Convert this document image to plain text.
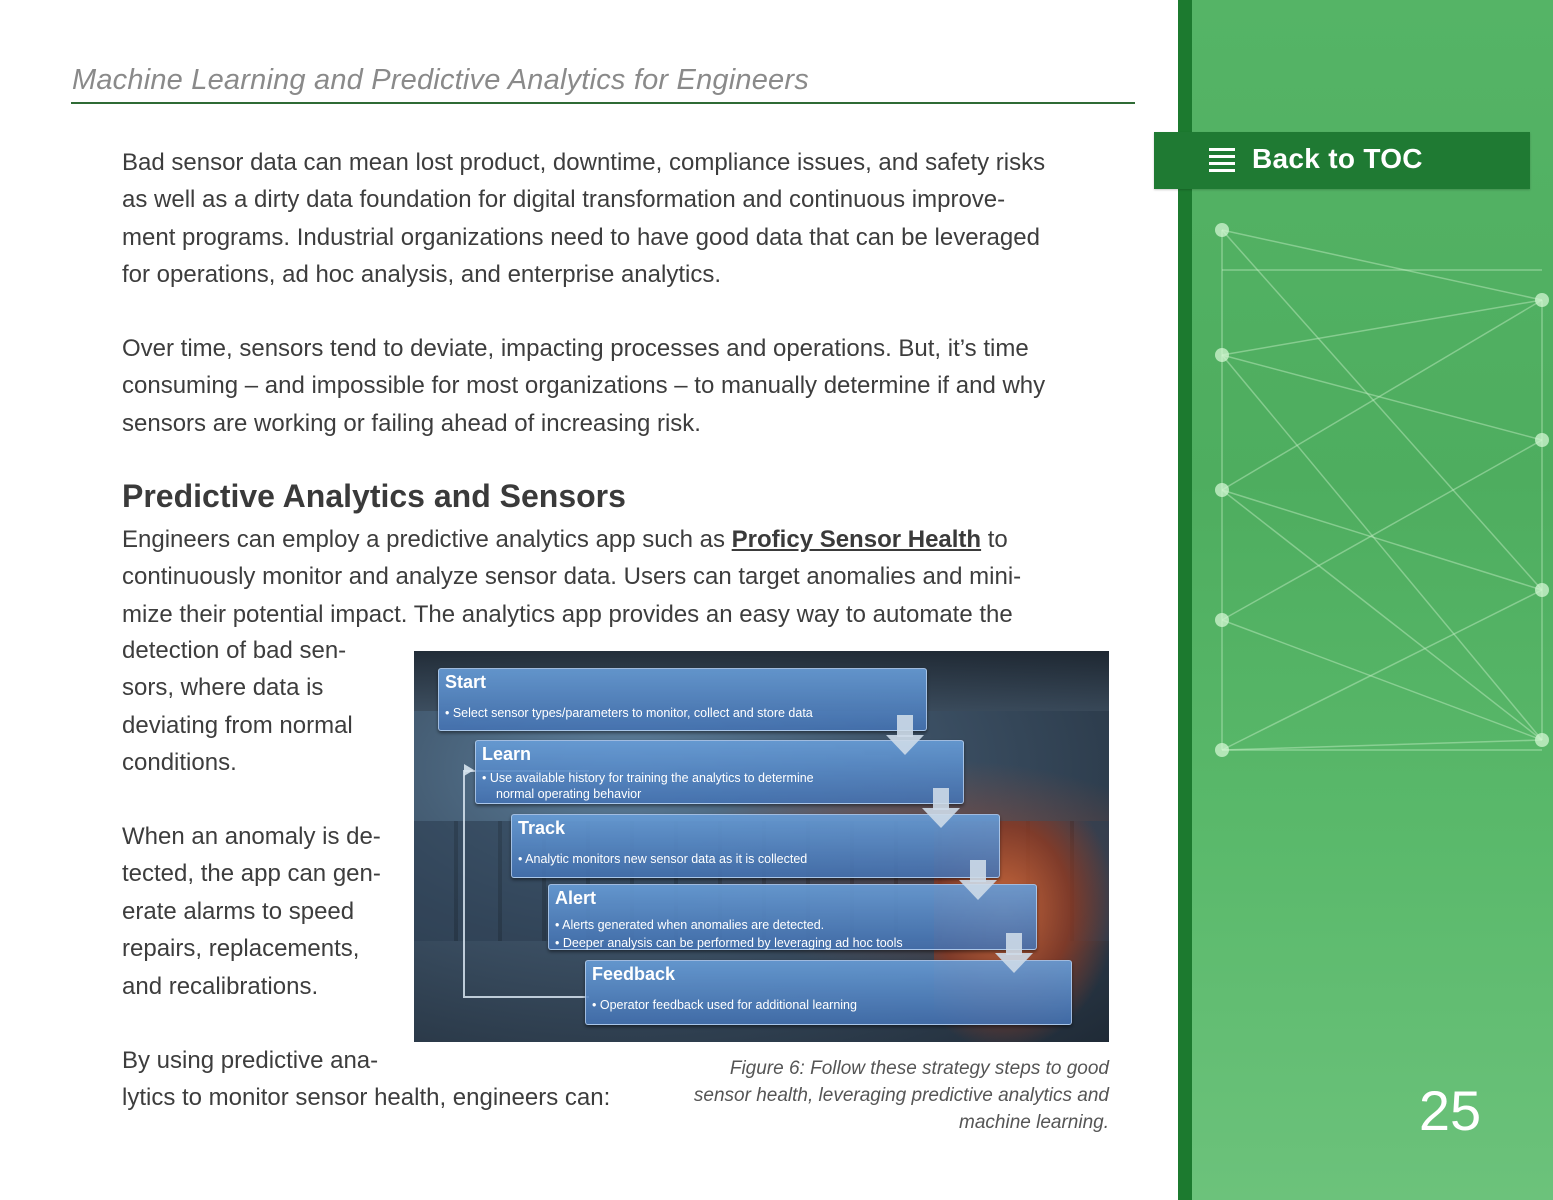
Machine Learning and Predictive Analytics for Engineers
Bad sensor data can mean lost product, downtime, compliance issues, and safety risks
as well as a dirty data foundation for digital transformation and continuous improve-
ment programs. Industrial organizations need to have good data that can be leveraged
for operations, ad hoc analysis, and enterprise analytics.
Over time, sensors tend to deviate, impacting processes and operations. But, it’s time
consuming – and impossible for most organizations – to manually determine if and why
sensors are working or failing ahead of increasing risk.
Predictive Analytics and Sensors
Engineers can employ a predictive analytics app such as Proficy Sensor Health to
continuously monitor and analyze sensor data. Users can target anomalies and mini-
mize their potential impact. The analytics app provides an easy way to automate the
detection of bad sen-
sors, where data is
deviating from normal
conditions.
When an anomaly is de-
tected, the app can gen-
erate alarms to speed
repairs, replacements,
and recalibrations.
By using predictive ana-
lytics to monitor sensor health, engineers can:
Start
• Select sensor types/parameters to monitor, collect and store data
Learn
• Use available history for training the analytics to determine
normal operating behavior
Track
• Analytic monitors new sensor data as it is collected
Alert
• Alerts generated when anomalies are detected.
• Deeper analysis can be performed by leveraging ad hoc tools
Feedback
• Operator feedback used for additional learning
Figure 6: Follow these strategy steps to good
sensor health, leveraging predictive analytics and
machine learning.
Back to TOC
25
